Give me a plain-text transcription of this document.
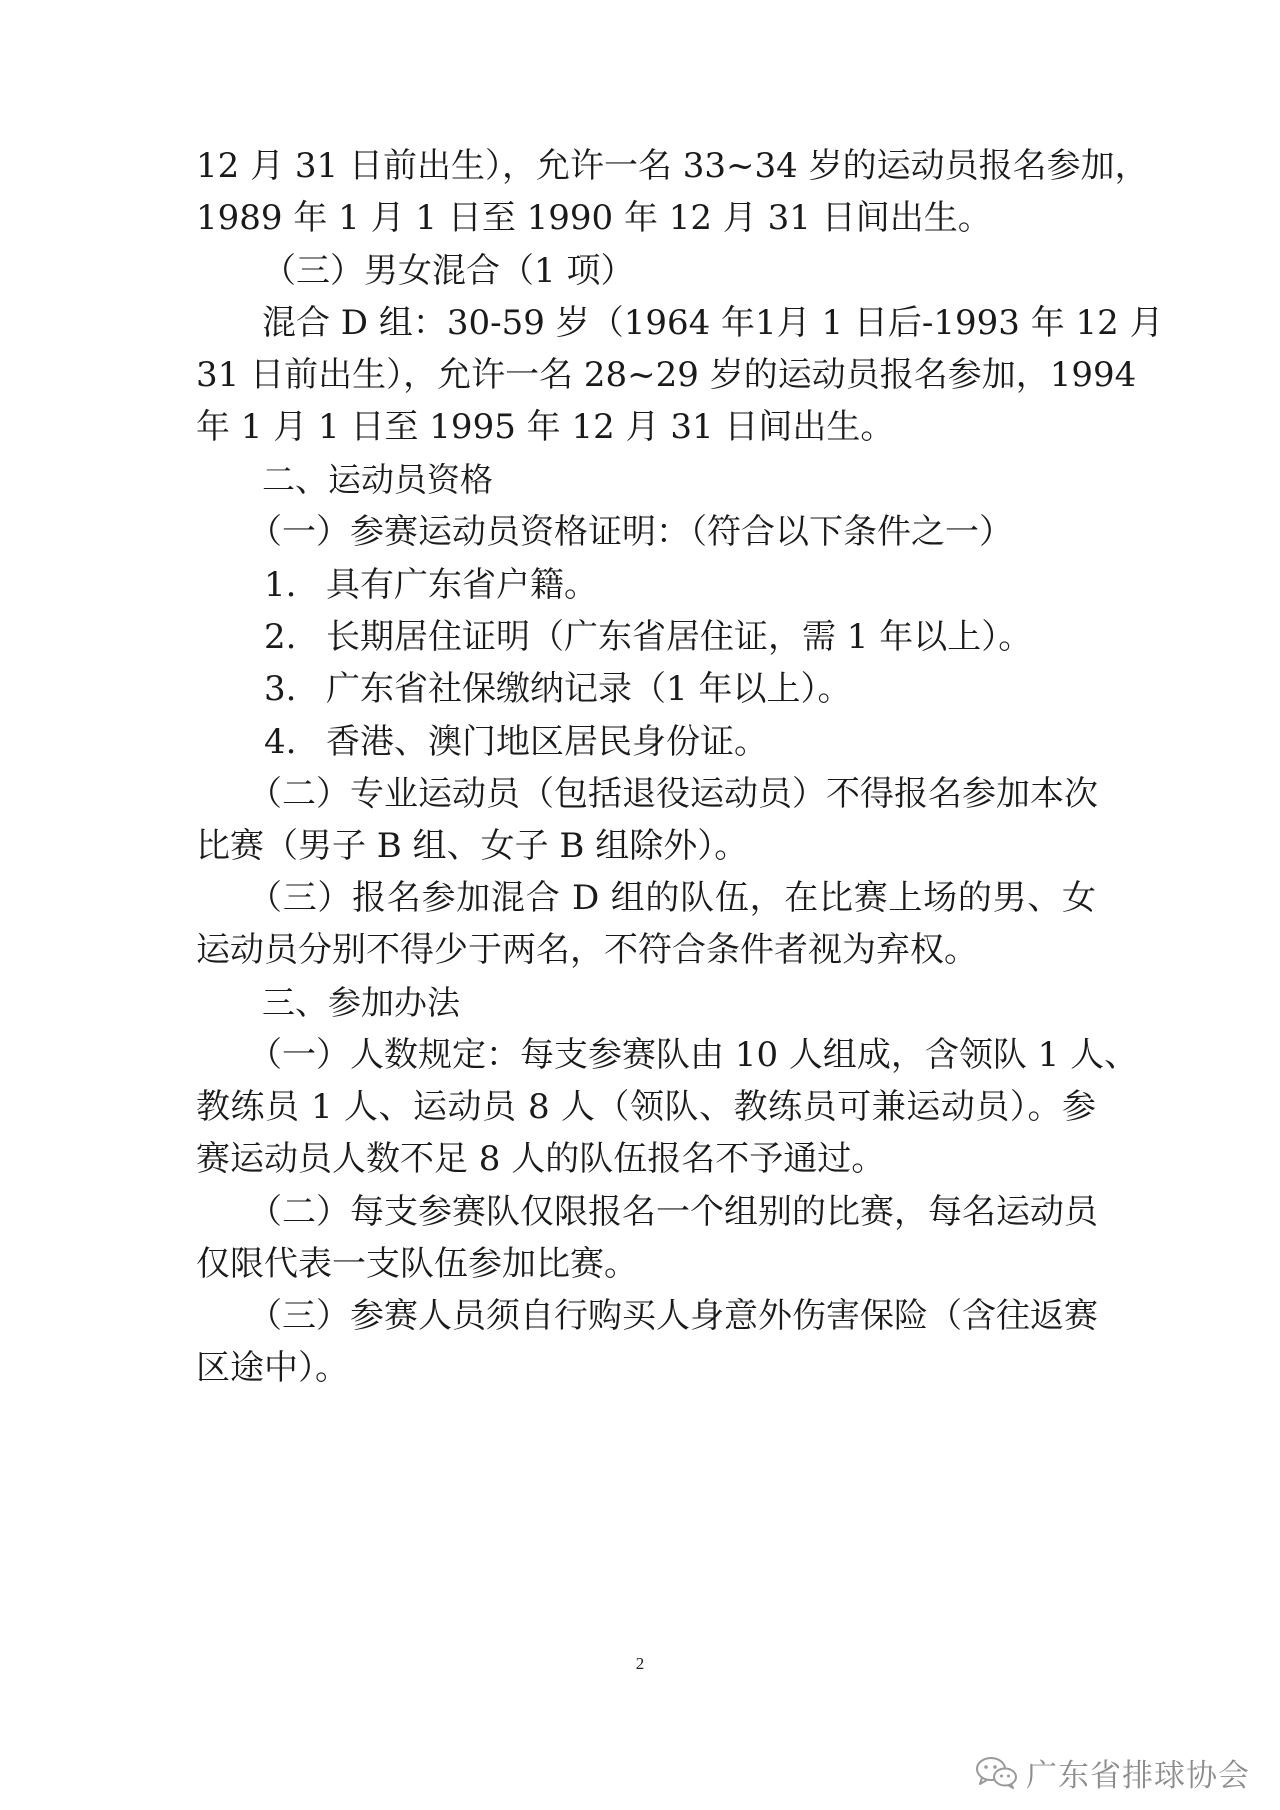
12 月 31 日前出生），允许一名 33~34 岁的运动员报名参加，
1989 年 1 月 1 日至 1990 年 12 月 31 日间出生。
（三）男女混合（1 项）
混合 D 组：30-59 岁（1964 年1月 1 日后-1993 年 12 月
31 日前出生），允许一名 28~29 岁的运动员报名参加，1994
年 1 月 1 日至 1995 年 12 月 31 日间出生。
二、运动员资格
（一）参赛运动员资格证明：（符合以下条件之一）
1. 具有广东省户籍。
2. 长期居住证明（广东省居住证，需 1 年以上）。
3. 广东省社保缴纳记录（1 年以上）。
4. 香港、澳门地区居民身份证。
（二）专业运动员（包括退役运动员）不得报名参加本次
比赛（男子 B 组、女子 B 组除外）。
（三）报名参加混合 D 组的队伍，在比赛上场的男、女
运动员分别不得少于两名，不符合条件者视为弃权。
三、参加办法
（一）人数规定：每支参赛队由 10 人组成，含领队 1 人、
教练员 1 人、运动员 8 人（领队、教练员可兼运动员）。参
赛运动员人数不足 8 人的队伍报名不予通过。
（二）每支参赛队仅限报名一个组别的比赛，每名运动员
仅限代表一支队伍参加比赛。
（三）参赛人员须自行购买人身意外伤害保险（含往返赛
区途中）。
2
广东省排球协会
